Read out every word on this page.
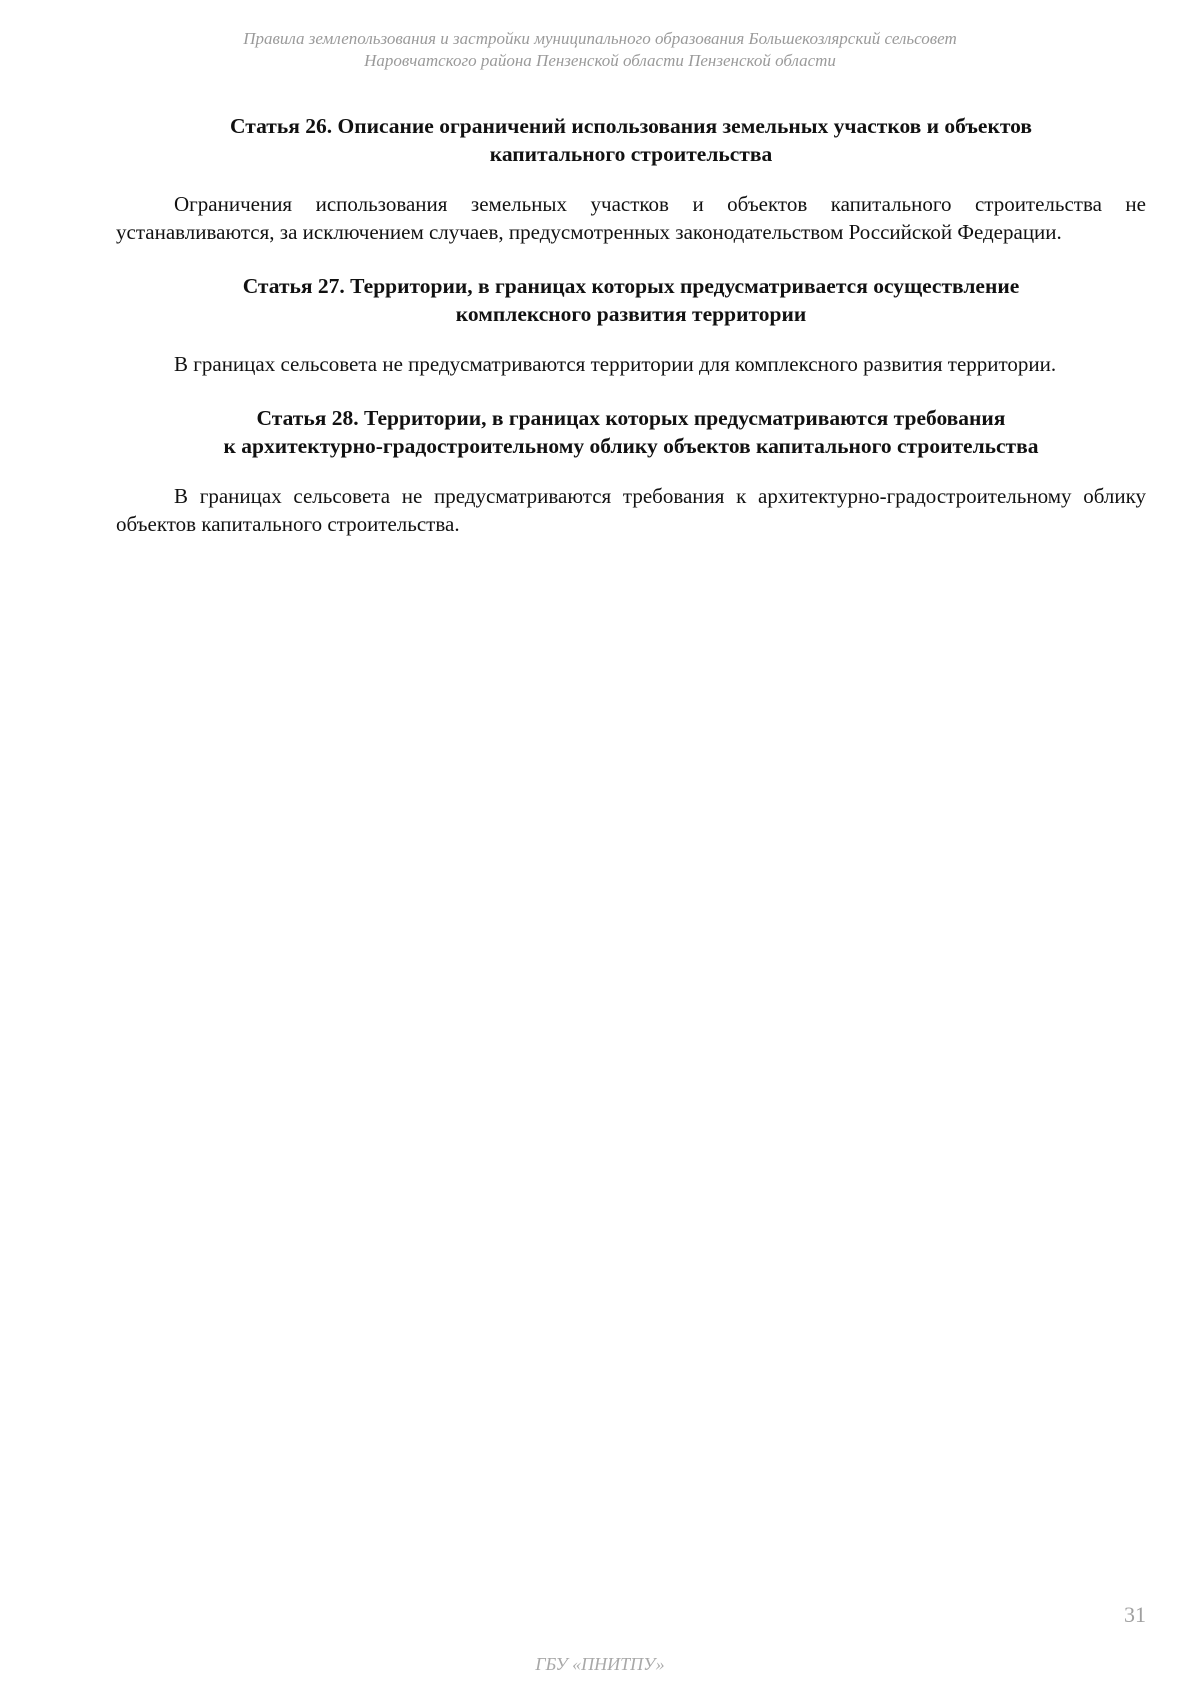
Правила землепользования и застройки муниципального образования Большекозлярский сельсовет
Наровчатского района Пензенской области Пензенской области
Статья 26. Описание ограничений использования земельных участков и объектов
капитального строительства

Ограничения использования земельных участков и объектов капитального строительства не устанавливаются, за исключением случаев, предусмотренных законодательством Российской Федерации.

Статья 27. Территории, в границах которых предусматривается осуществление
комплексного развития территории

В границах сельсовета не предусматриваются территории для комплексного развития территории.

Статья 28. Территории, в границах которых предусматриваются требования
к архитектурно-градостроительному облику объектов капитального строительства

В границах сельсовета не предусматриваются требования к архитектурно-градостроительному облику объектов капитального строительства.

31
ГБУ «ПНИТПУ»
